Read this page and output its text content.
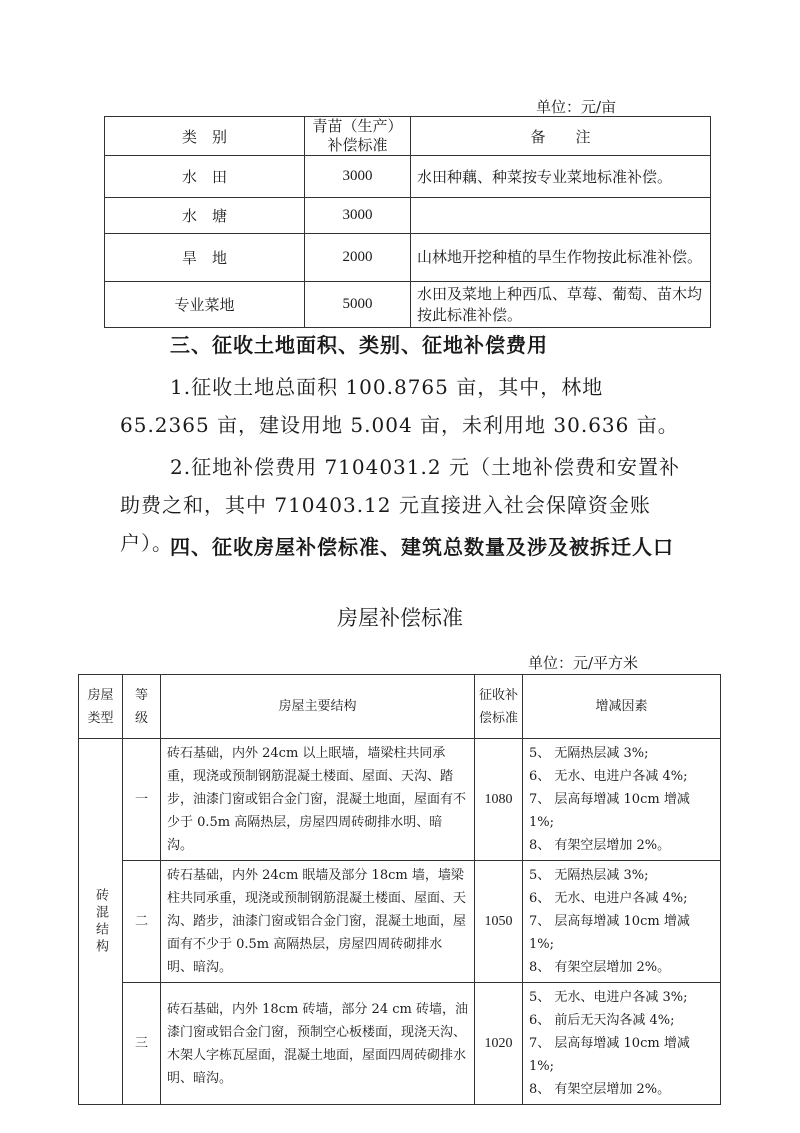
单位：元/亩
类　别	青苗（生产）补偿标准	备　　注
水　田	3000	水田种藕、种菜按专业菜地标准补偿。
水　塘	3000	
旱　地	2000	山林地开挖种植的旱生作物按此标准补偿。
专业菜地	5000	水田及菜地上种西瓜、草莓、葡萄、苗木均按此标准补偿。
三、征收土地面积、类别、征地补偿费用
1.征收土地总面积 100.8765 亩，其中，林地 65.2365 亩，建设用地 5.004 亩，未利用地 30.636 亩。
2.征地补偿费用 7104031.2 元（土地补偿费和安置补助费之和，其中 710403.12 元直接进入社会保障资金账户）。
四、征收房屋补偿标准、建筑总数量及涉及被拆迁人口
房屋补偿标准
单位：元/平方米
房屋类型	等级	房屋主要结构	征收补偿标准	增减因素

砖混结构	一	砖石基础，内外 24cm 以上眠墙，墙梁柱共同承重，现浇或预制钢筋混凝土楼面、屋面、天沟、踏步，油漆门窗或铝合金门窗，混凝土地面，屋面有不少于 0.5m 高隔热层，房屋四周砖砌排水明、暗沟。	1080	5、 无隔热层减 3%;
6、 无水、电进户各减 4%;
7、 层高每增减 10cm 增减 1%;
8、 有架空层增加 2%。
	二	砖石基础，内外 24cm 眠墙及部分 18cm 墙，墙梁柱共同承重，现浇或预制钢筋混凝土楼面、屋面、天沟、踏步，油漆门窗或铝合金门窗，混凝土地面，屋面有不少于 0.5m 高隔热层，房屋四周砖砌排水明、暗沟。	1050	5、 无隔热层减 3%;
6、 无水、电进户各减 4%;
7、 层高每增减 10cm 增减 1%;
8、 有架空层增加 2%。
	三	砖石基础，内外 18cm 砖墙，部分 24 cm 砖墙，油漆门窗或铝合金门窗，预制空心板楼面，现浇天沟、木架人字栋瓦屋面，混凝土地面，屋面四周砖砌排水明、暗沟。	1020	5、 无水、电进户各减 3%;
6、 前后无天沟各减 4%;
7、 层高每增减 10cm 增减 1%;
8、 有架空层增加 2%。
